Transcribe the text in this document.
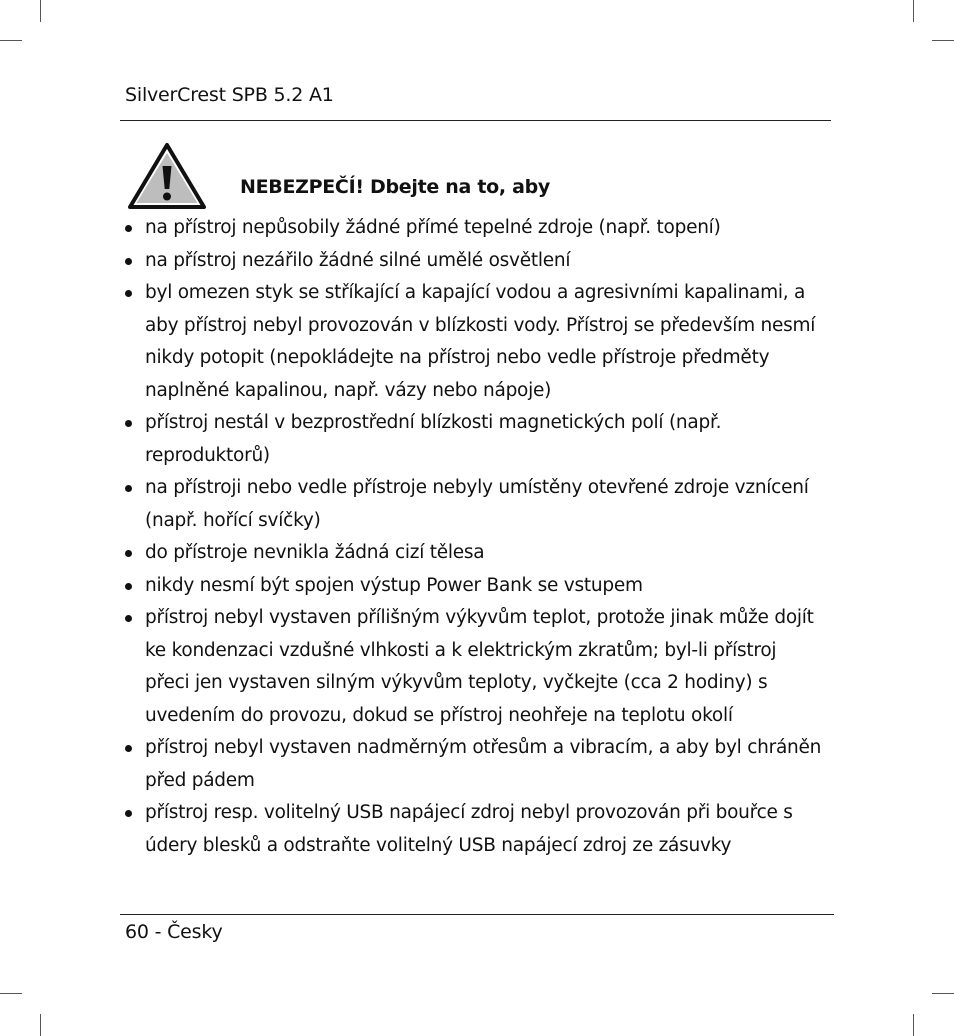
SilverCrest SPB 5.2 A1
NEBEZPEČÍ! Dbejte na to, aby
na přístroj nepůsobily žádné přímé tepelné zdroje (např. topení)
na přístroj nezářilo žádné silné umělé osvětlení
byl omezen styk se stříkající a kapající vodou a agresivními kapalinami, a aby přístroj nebyl provozován v blízkosti vody. Přístroj se především nesmí nikdy potopit (nepokládejte na přístroj nebo vedle přístroje předměty naplněné kapalinou, např. vázy nebo nápoje)
přístroj nestál v bezprostřední blízkosti magnetických polí (např. reproduktorů)
na přístroji nebo vedle přístroje nebyly umístěny otevřené zdroje vznícení (např. hořící svíčky)
do přístroje nevnikla žádná cizí tělesa
nikdy nesmí být spojen výstup Power Bank se vstupem
přístroj nebyl vystaven přílišným výkyvům teplot, protože jinak může dojít ke kondenzaci vzdušné vlhkosti a k elektrickým zkratům; byl-li přístroj přeci jen vystaven silným výkyvům teploty, vyčkejte (cca 2 hodiny) s uvedením do provozu, dokud se přístroj neohřeje na teplotu okolí
přístroj nebyl vystaven nadměrným otřesům a vibracím, a aby byl chráněn před pádem
přístroj resp. volitelný USB napájecí zdroj nebyl provozován při bouřce s údery blesků a odstraňte volitelný USB napájecí zdroj ze zásuvky
60 - Česky
